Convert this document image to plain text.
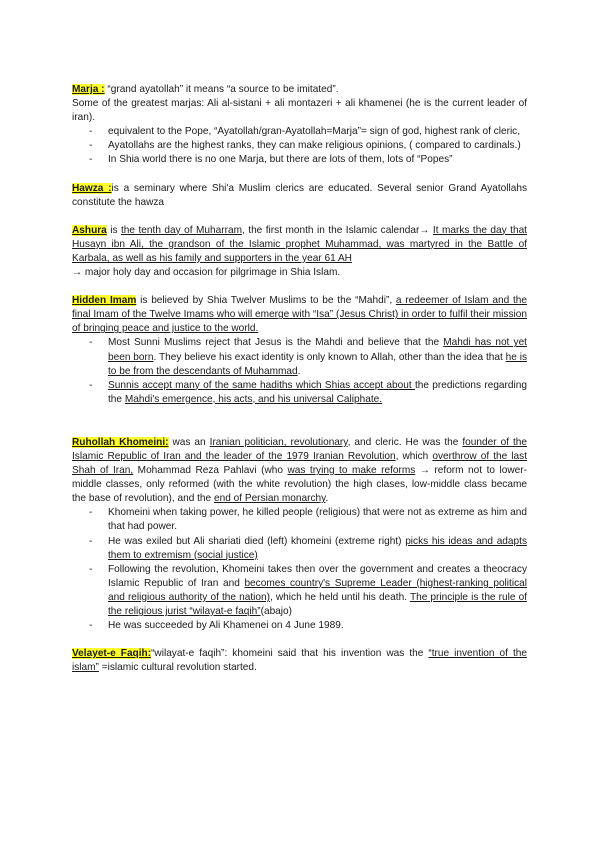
Marja : “grand ayatollah” it means “a source to be imitated”.

Some of the greatest marjas: Ali al-sistani + ali montazeri + ali khamenei (he is the current leader of iran).

- equivalent to the Pope, “Ayatollah/gran-Ayatollah=Marja”= sign of god, highest rank of cleric,
- Ayatollahs are the highest ranks, they can make religious opinions, ( compared to cardinals.)
- In Shia world there is no one Marja, but there are lots of them, lots of “Popes”

Hawza :is a seminary where Shi'a Muslim clerics are educated. Several senior Grand Ayatollahs constitute the hawza

Ashura is the tenth day of Muharram, the first month in the Islamic calendar→ It marks the day that Husayn ibn Ali, the grandson of the Islamic prophet Muhammad, was martyred in the Battle of Karbala, as well as his family and supporters in the year 61 AH

→ major holy day and occasion for pilgrimage in Shia Islam.

Hidden Imam is believed by Shia Twelver Muslims to be the “Mahdi”, a redeemer of Islam and the final Imam of the Twelve Imams who will emerge with “Isa” (Jesus Christ) in order to fulfil their mission of bringing peace and justice to the world.

- Most Sunni Muslims reject that Jesus is the Mahdi and believe that the Mahdi has not yet been born. They believe his exact identity is only known to Allah, other than the idea that he is to be from the descendants of Muhammad.
- Sunnis accept many of the same hadiths which Shias accept about the predictions regarding the Mahdi's emergence, his acts, and his universal Caliphate.

Ruhollah Khomeini: was an Iranian politician, revolutionary, and cleric. He was the founder of the Islamic Republic of Iran and the leader of the 1979 Iranian Revolution, which overthrow of the last Shah of Iran, Mohammad Reza Pahlavi (who was trying to make reforms → reform not to lower-middle classes, only reformed (with the white revolution) the high clases, low-middle class became the base of revolution), and the end of Persian monarchy.

- Khomeini when taking power, he killed people (religious) that were not as extreme as him and that had power.
- He was exiled but Ali shariati died (left) khomeini (extreme right) picks his ideas and adapts them to extremism (social justice)
- Following the revolution, Khomeini takes then over the government and creates a theocracy Islamic Republic of Iran and becomes country's Supreme Leader (highest-ranking political and religious authority of the nation), which he held until his death. The principle is the rule of the religious jurist “wilayat-e faqih”(abajo)
- He was succeeded by Ali Khamenei on 4 June 1989.

Velayet-e Faqih:“wilayat-e faqih”: khomeini said that his invention was the “true invention of the islam” =islamic cultural revolution started.
